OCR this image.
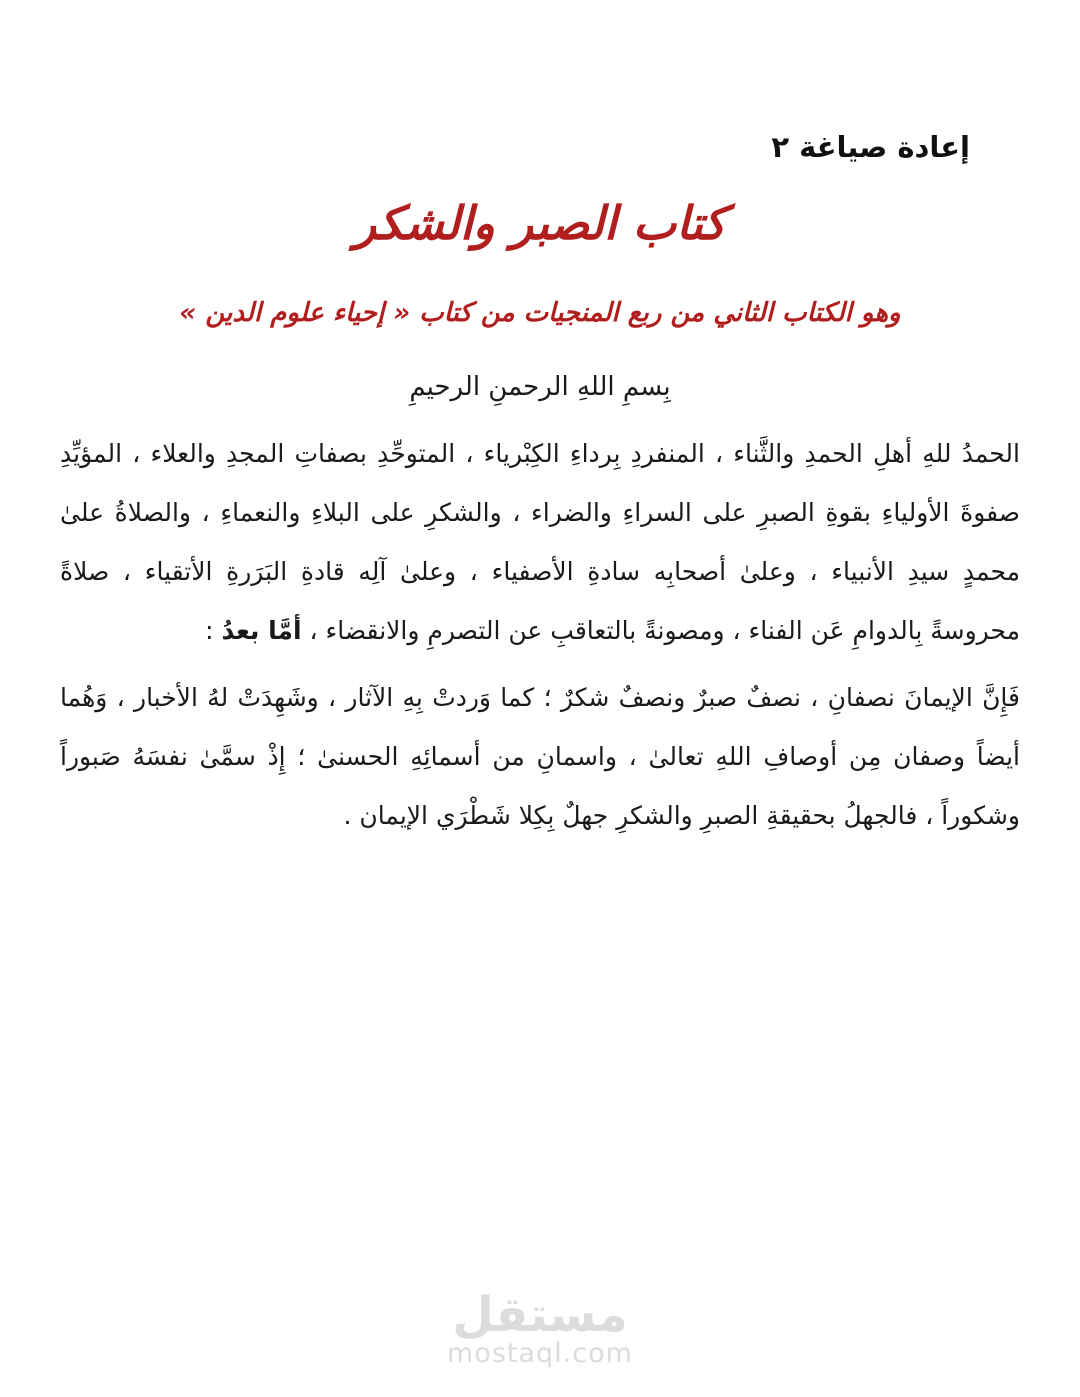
إعادة صياغة ٢
كتاب الصبر والشكر
وهو الكتاب الثاني من ربع المنجيات من كتاب « إحياء علوم الدين »
بِسمِ اللهِ الرحمنِ الرحيمِ

الحمدُ للهِ أهلِ الحمدِ والثَّناء ، المنفردِ بِرداءِ الكِبْرياء ، المتوحِّدِ بصفاتِ المجدِ والعلاء ، المؤيِّدِ صفوةَ الأولياءِ بقوةِ الصبرِ على السراءِ والضراء ، والشكرِ على البلاءِ والنعماءِ ، والصلاةُ علىٰ محمدٍ سيدِ الأنبياء ، وعلىٰ أصحابِه سادةِ الأصفياء ، وعلىٰ آلِه قادةِ البَرَرةِ الأتقياء ، صلاةً محروسةً بِالدوامِ عَن الفناء ، ومصونةً بالتعاقبِ عن التصرمِ والانقضاء ، أمَّا بعدُ :

فَإِنَّ الإيمانَ نصفانِ ، نصفٌ صبرٌ ونصفٌ شكرٌ ؛ كما وَردتْ بِهِ الآثار ، وشَهِدَتْ لهُ الأخبار ، وَهُما أيضاً وصفان مِن أوصافِ اللهِ تعالىٰ ، واسمانِ من أسمائِهِ الحسنىٰ ؛ إِذْ سمَّىٰ نفسَهُ صَبوراً وشكوراً ، فالجهلُ بحقيقةِ الصبرِ والشكرِ جهلٌ بِكِلا شَطْرَي الإيمان .

مستقل
mostaql.com
